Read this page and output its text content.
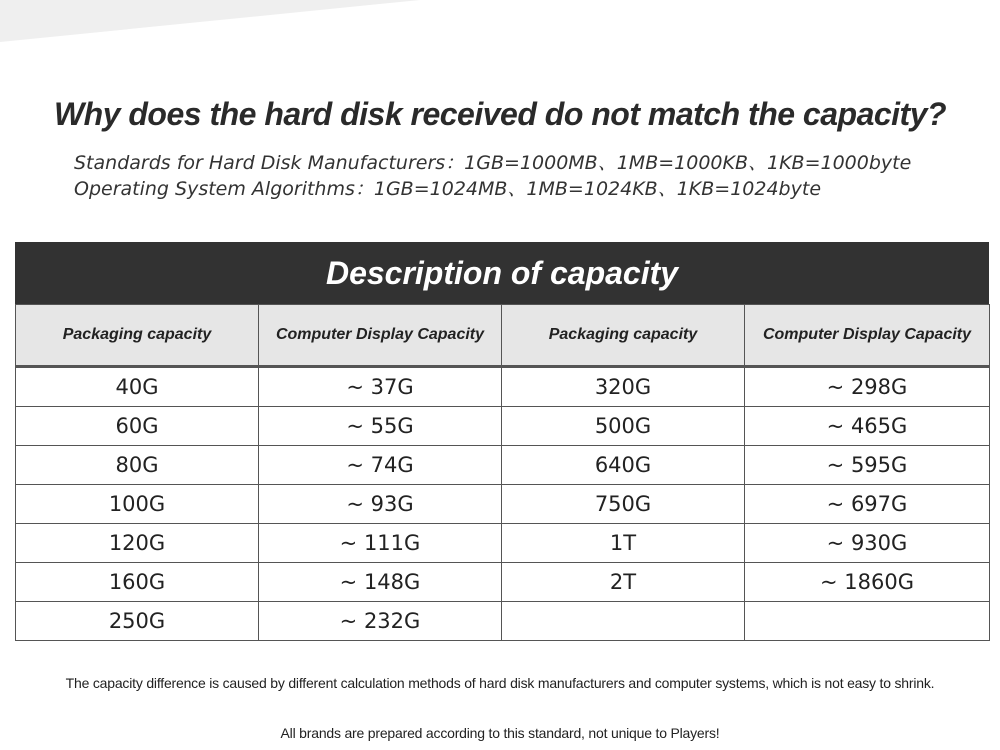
Why does the hard disk received do not match the capacity?
Standards for Hard Disk Manufacturers：1GB=1000MB、1MB=1000KB、1KB=1000byte
Operating System Algorithms：1GB=1024MB、1MB=1024KB、1KB=1024byte
Description of capacity
Packaging capacity	Computer Display Capacity	Packaging capacity	Computer Display Capacity
40G	~ 37G	320G	~ 298G
60G	~ 55G	500G	~ 465G
80G	~ 74G	640G	~ 595G
100G	~ 93G	750G	~ 697G
120G	~ 111G	1T	~ 930G
160G	~ 148G	2T	~ 1860G
250G	~ 232G		
The capacity difference is caused by different calculation methods of hard disk manufacturers and computer systems, which is not easy to shrink.
All brands are prepared according to this standard, not unique to Players!
